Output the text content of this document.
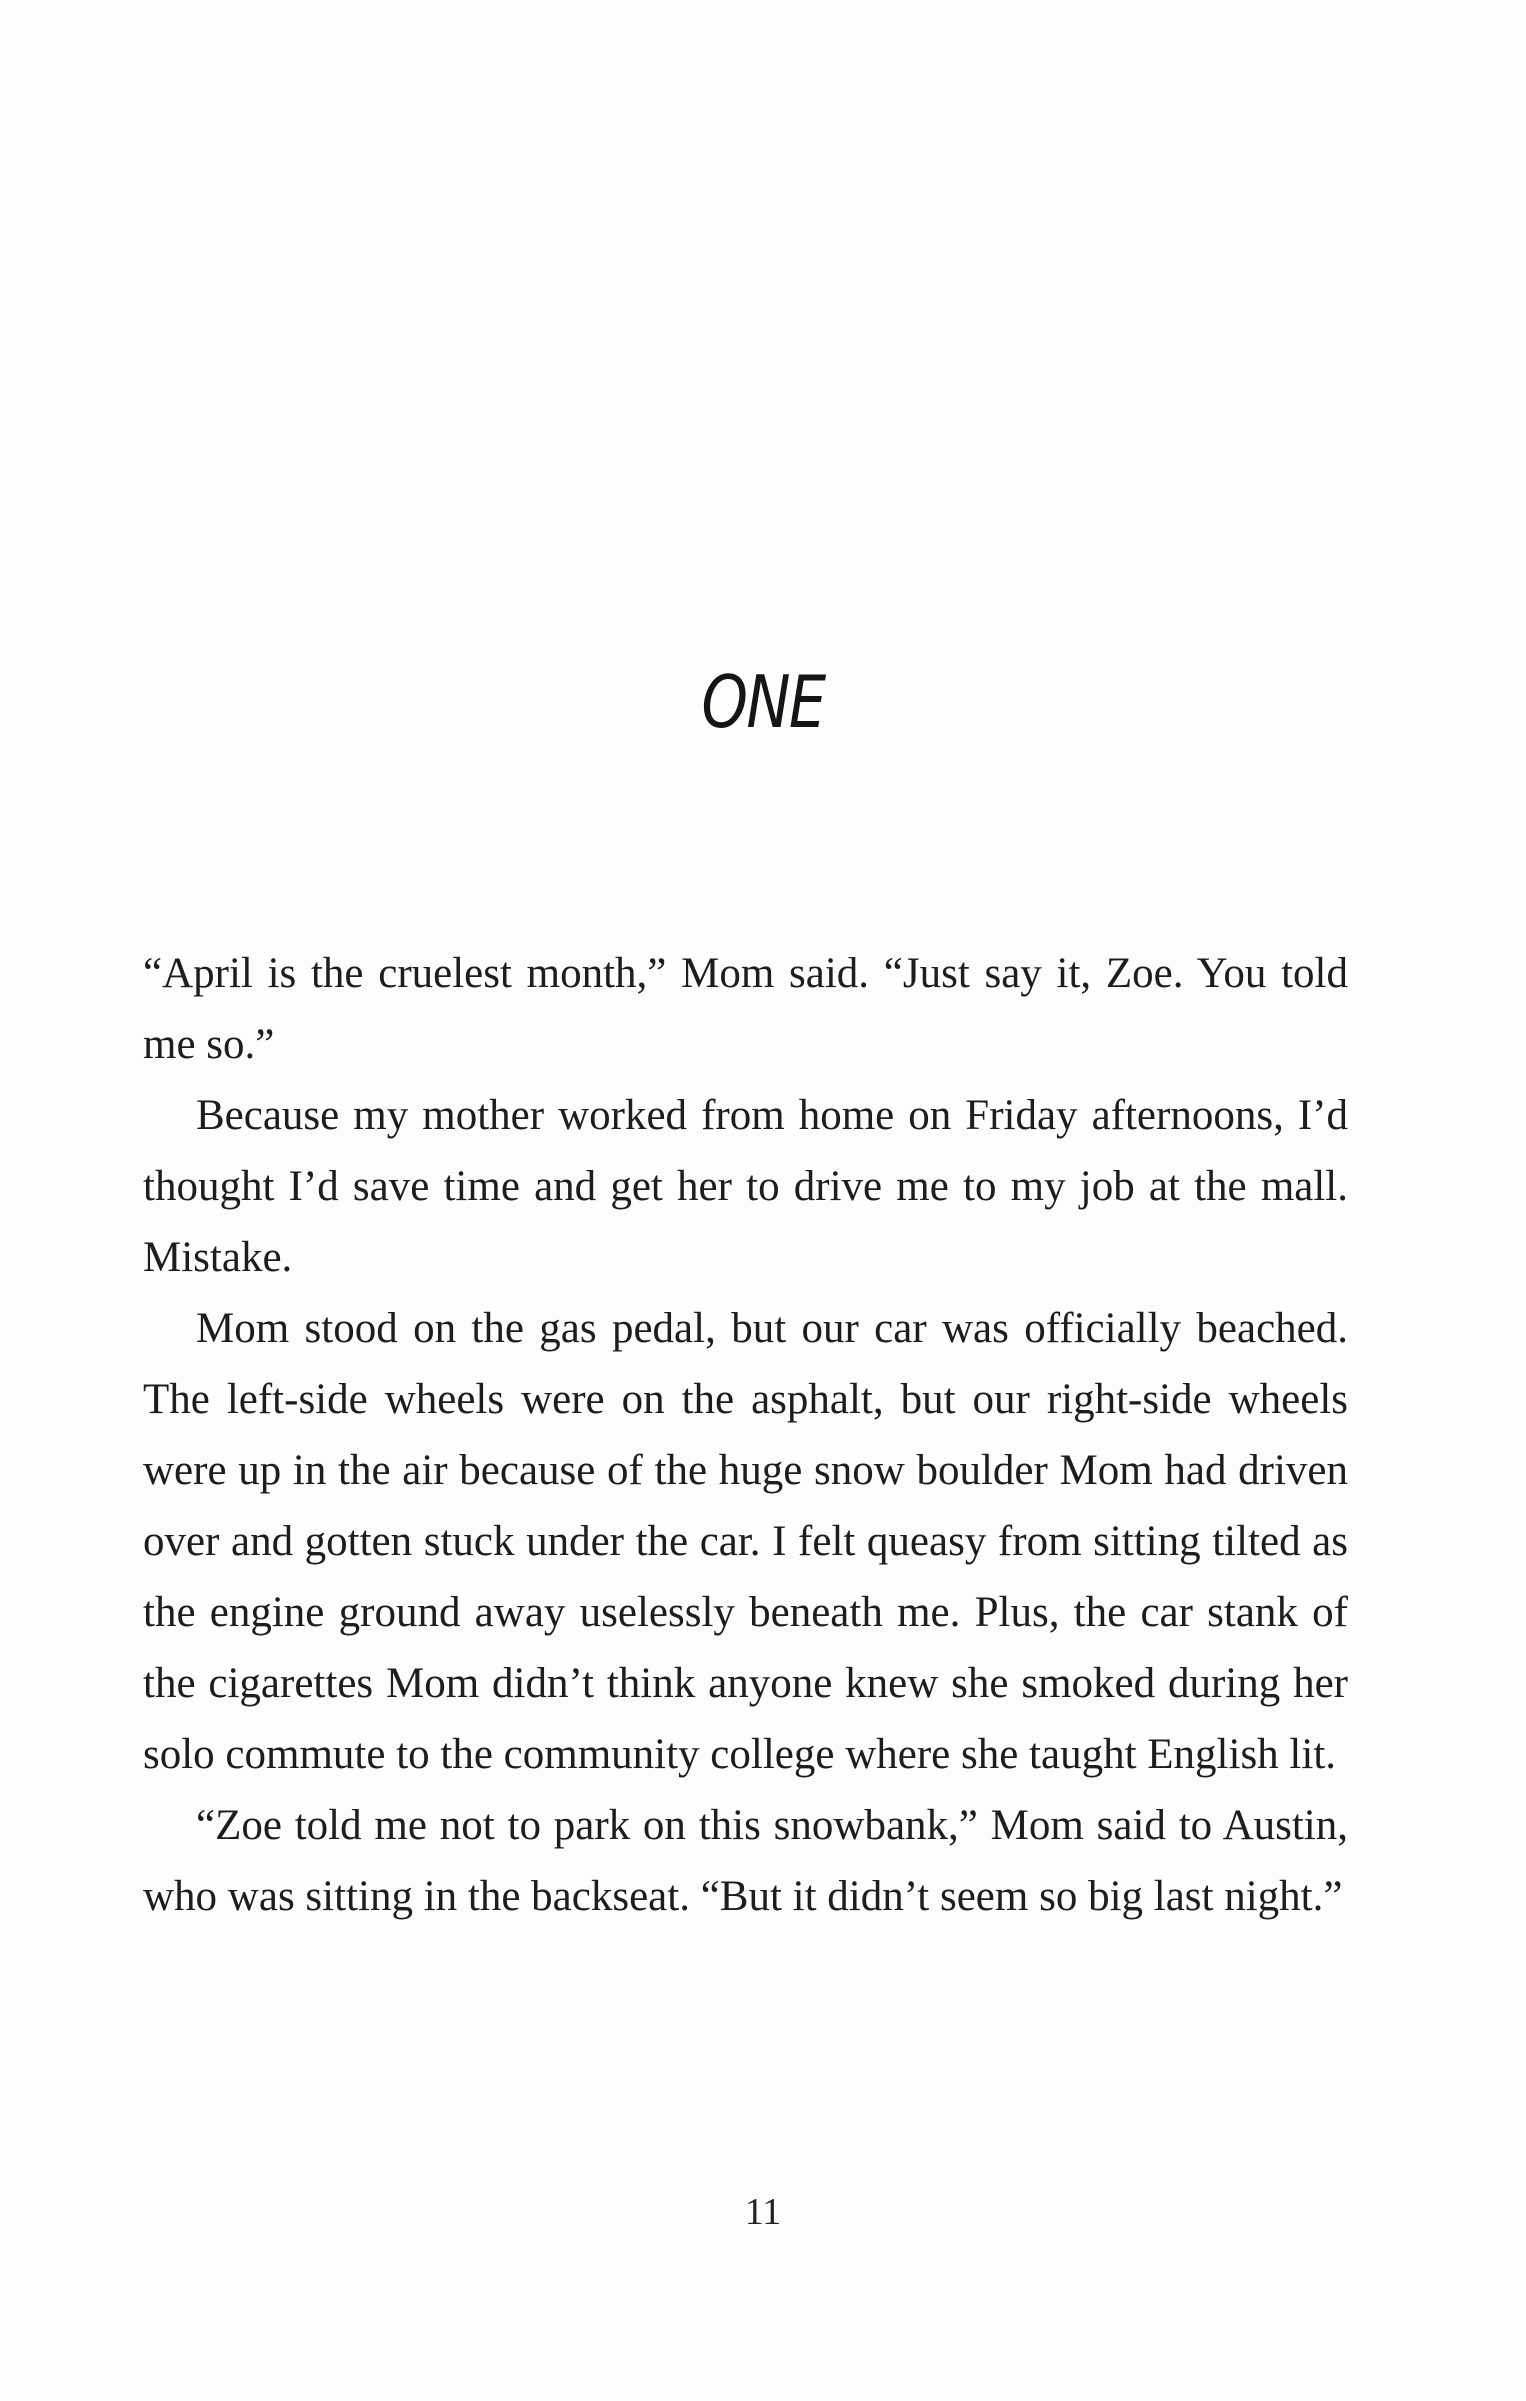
ONE

“April is the cruelest month,” Mom said. “Just say it, Zoe. You told me so.”

Because my mother worked from home on Friday afternoons, I’d thought I’d save time and get her to drive me to my job at the mall. Mistake.

Mom stood on the gas pedal, but our car was officially beached. The left-side wheels were on the asphalt, but our right-side wheels were up in the air because of the huge snow boulder Mom had driven over and gotten stuck under the car. I felt queasy from sitting tilted as the engine ground away uselessly beneath me. Plus, the car stank of the cigarettes Mom didn’t think anyone knew she smoked during her solo commute to the community college where she taught English lit.

“Zoe told me not to park on this snowbank,” Mom said to Austin, who was sitting in the backseat. “But it didn’t seem so big last night.”

11
